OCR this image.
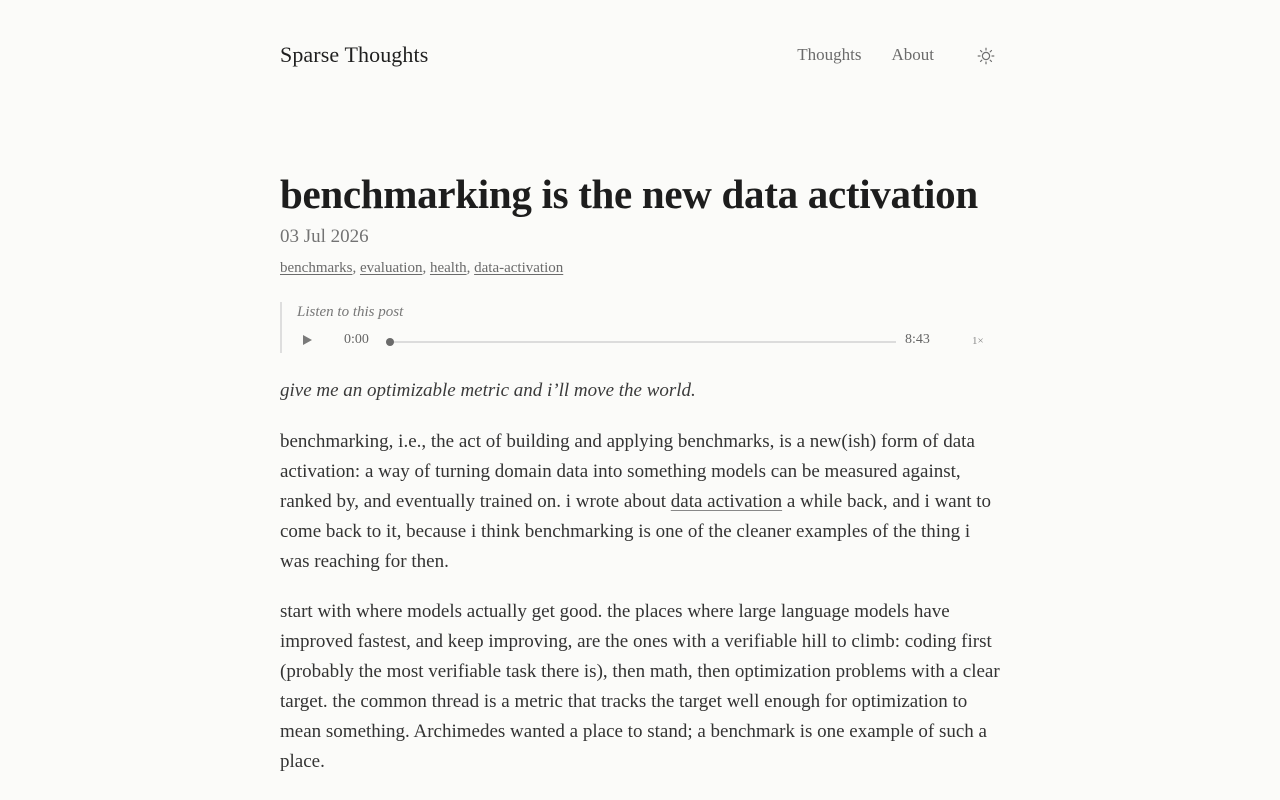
Sparse Thoughts	Thoughts About
benchmarking is the new data activation
03 Jul 2026
benchmarks, evaluation, health, data-activation
Listen to this post
0:00	8:43	1×

give me an optimizable metric and i’ll move the world.

benchmarking, i.e., the act of building and applying benchmarks, is a new(ish) form of data activation: a way of turning domain data into something models can be measured against, ranked by, and eventually trained on. i wrote about data activation a while back, and i want to come back to it, because i think benchmarking is one of the cleaner examples of the thing i was reaching for then.

start with where models actually get good. the places where large language models have improved fastest, and keep improving, are the ones with a verifiable hill to climb: coding first (probably the most verifiable task there is), then math, then optimization problems with a clear target. the common thread is a metric that tracks the target well enough for optimization to mean something. Archimedes wanted a place to stand; a benchmark is one example of such a place.
